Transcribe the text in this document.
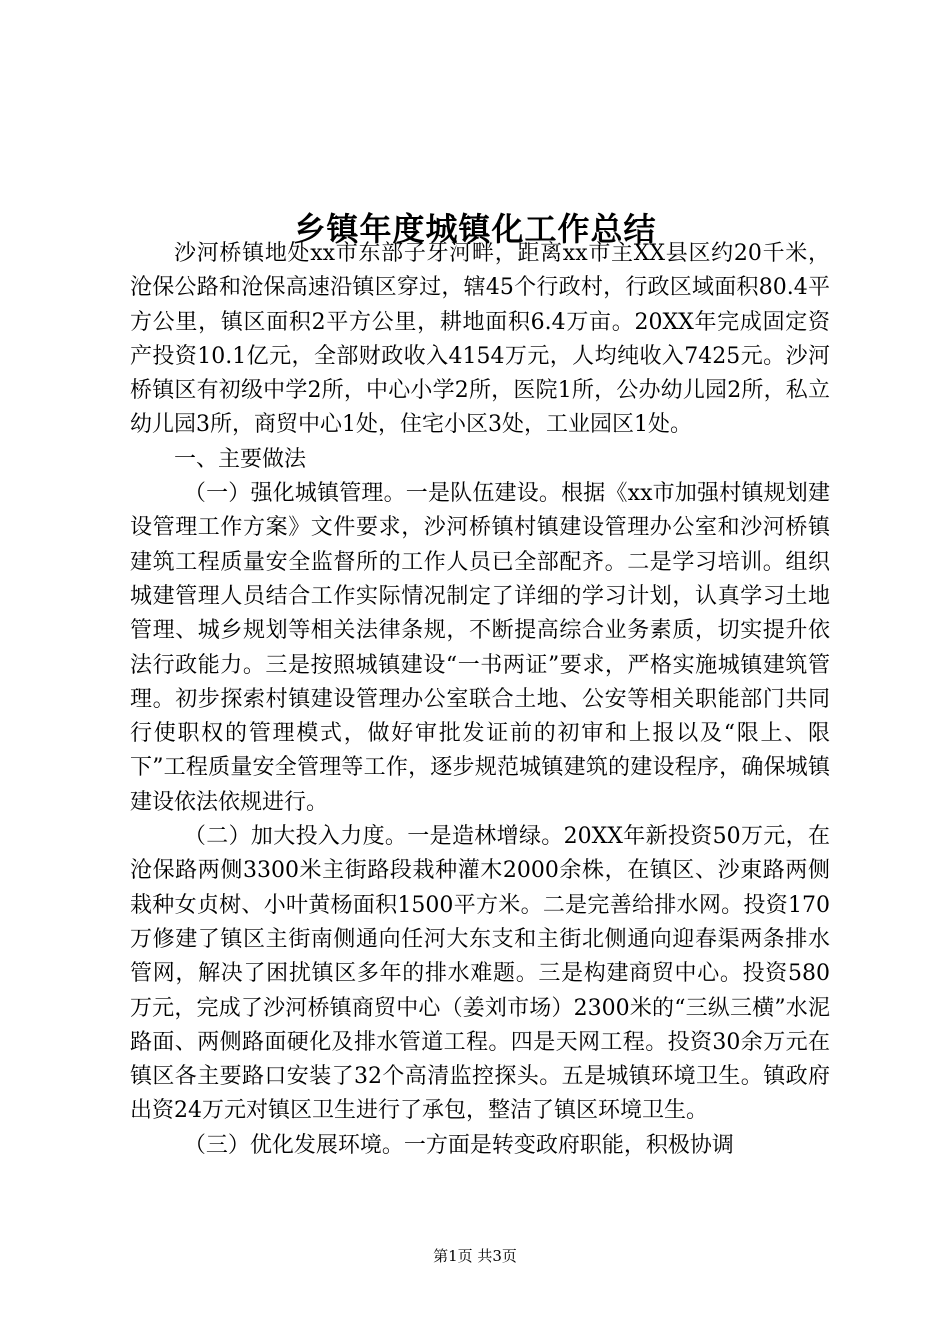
乡镇年度城镇化工作总结

沙河桥镇地处xx市东部子牙河畔，距离xx市主XX县区约20千米，沧保公路和沧保高速沿镇区穿过，辖45个行政村，行政区域面积80.4平方公里，镇区面积2平方公里，耕地面积6.4万亩。20XX年完成固定资产投资10.1亿元，全部财政收入4154万元，人均纯收入7425元。沙河桥镇区有初级中学2所，中心小学2所，医院1所，公办幼儿园2所，私立幼儿园3所，商贸中心1处，住宅小区3处，工业园区1处。

一、主要做法

（一）强化城镇管理。一是队伍建设。根据《xx市加强村镇规划建设管理工作方案》文件要求，沙河桥镇村镇建设管理办公室和沙河桥镇建筑工程质量安全监督所的工作人员已全部配齐。二是学习培训。组织城建管理人员结合工作实际情况制定了详细的学习计划，认真学习土地管理、城乡规划等相关法律条规，不断提高综合业务素质，切实提升依法行政能力。三是按照城镇建设“一书两证”要求，严格实施城镇建筑管理。初步探索村镇建设管理办公室联合土地、公安等相关职能部门共同行使职权的管理模式，做好审批发证前的初审和上报以及“限上、限下”工程质量安全管理等工作，逐步规范城镇建筑的建设程序，确保城镇建设依法依规进行。

（二）加大投入力度。一是造林增绿。20XX年新投资50万元，在沧保路两侧3300米主街路段栽种灌木2000余株，在镇区、沙東路两侧栽种女贞树、小叶黄杨面积1500平方米。二是完善给排水网。投资170万修建了镇区主街南侧通向任河大东支和主街北侧通向迎春渠两条排水管网，解决了困扰镇区多年的排水难题。三是构建商贸中心。投资580万元，完成了沙河桥镇商贸中心（姜刘市场）2300米的“三纵三横”水泥路面、两侧路面硬化及排水管道工程。四是天网工程。投资30余万元在镇区各主要路口安装了32个高清监控探头。五是城镇环境卫生。镇政府出资24万元对镇区卫生进行了承包，整洁了镇区环境卫生。

（三）优化发展环境。一方面是转变政府职能，积极协调

第1页 共3页
